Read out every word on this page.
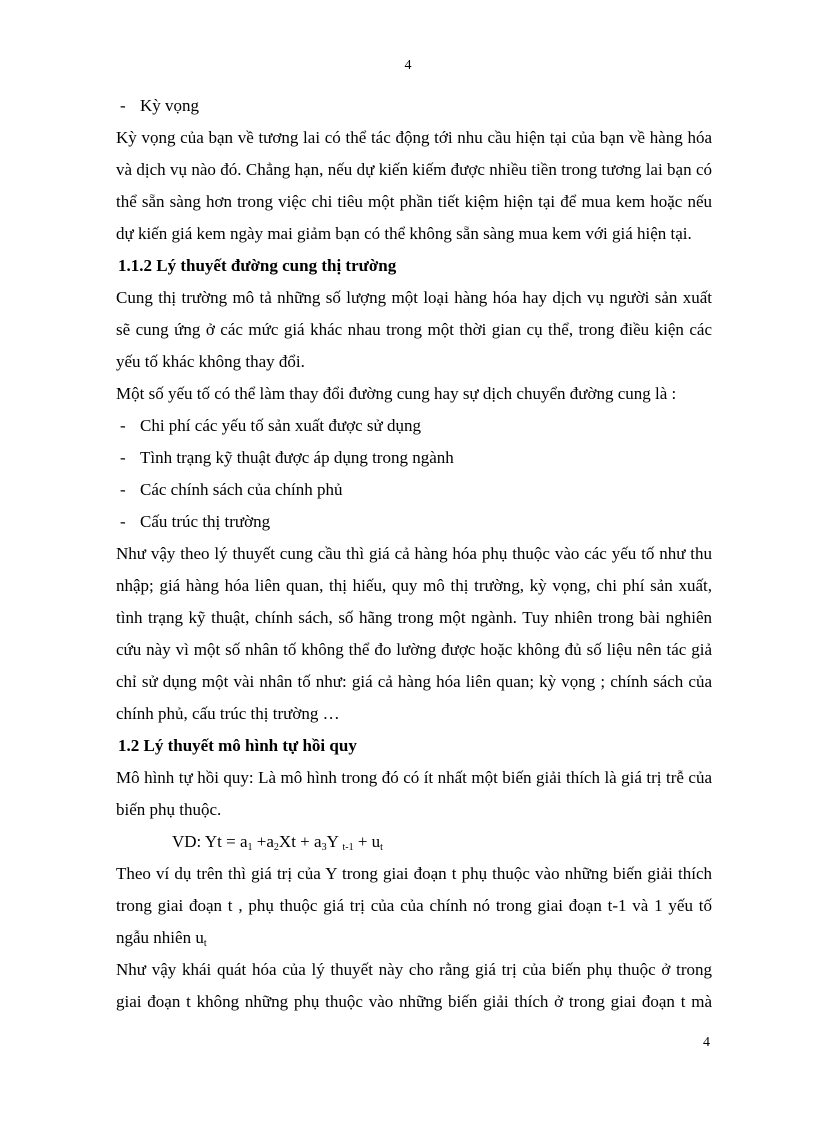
4
- Kỳ vọng
Kỳ vọng của bạn về tương lai có thể tác động tới nhu cầu hiện tại của bạn về hàng hóa
và dịch vụ nào đó. Chẳng hạn, nếu dự kiến kiếm được nhiều tiền trong tương lai bạn có
thể sẵn sàng hơn trong việc chi tiêu một phần tiết kiệm hiện tại để mua kem hoặc nếu
dự kiến giá kem ngày mai giảm bạn có thể không sẵn sàng mua kem với giá hiện tại.
1.1.2 Lý thuyết đường cung thị trường
Cung thị trường mô tả những số lượng một loại hàng hóa hay dịch vụ người sản xuất
sẽ cung ứng ở các mức giá khác nhau trong một thời gian cụ thể, trong điều kiện các
yếu tố khác không thay đổi.
Một số yếu tố có thể làm thay đổi đường cung hay sự dịch chuyển đường cung là :
- Chi phí các yếu tố sản xuất được sử dụng
- Tình trạng kỹ thuật được áp dụng trong ngành
- Các chính sách của chính phủ
- Cấu trúc thị trường
Như vậy theo lý thuyết cung cầu thì giá cả hàng hóa phụ thuộc vào các yếu tố như thu
nhập; giá hàng hóa liên quan, thị hiếu, quy mô thị trường, kỳ vọng, chi phí sản xuất,
tình trạng kỹ thuật, chính sách, số hãng trong một ngành. Tuy nhiên trong bài nghiên
cứu này vì một số nhân tố không thể đo lường được hoặc không đủ số liệu nên tác giả
chỉ sử dụng một vài nhân tố như: giá cả hàng hóa liên quan; kỳ vọng ; chính sách của
chính phủ, cấu trúc thị trường …
1.2 Lý thuyết mô hình tự hồi quy
Mô hình tự hồi quy: Là mô hình trong đó có ít nhất một biến giải thích là giá trị trễ của
biến phụ thuộc.
VD: $Yt = a_1 +a_2Xt + a_3Y$ $_{t-1} + u_t$
Theo ví dụ trên thì giá trị của Y trong giai đoạn t phụ thuộc vào những biến giải thích
trong giai đoạn t , phụ thuộc giá trị của của chính nó trong giai đoạn t-1 và 1 yếu tố
ngẫu nhiên $u_t$
Như vậy khái quát hóa của lý thuyết này cho rằng giá trị của biến phụ thuộc ở trong
giai đoạn t không những phụ thuộc vào những biến giải thích ở trong giai đoạn t mà
4
